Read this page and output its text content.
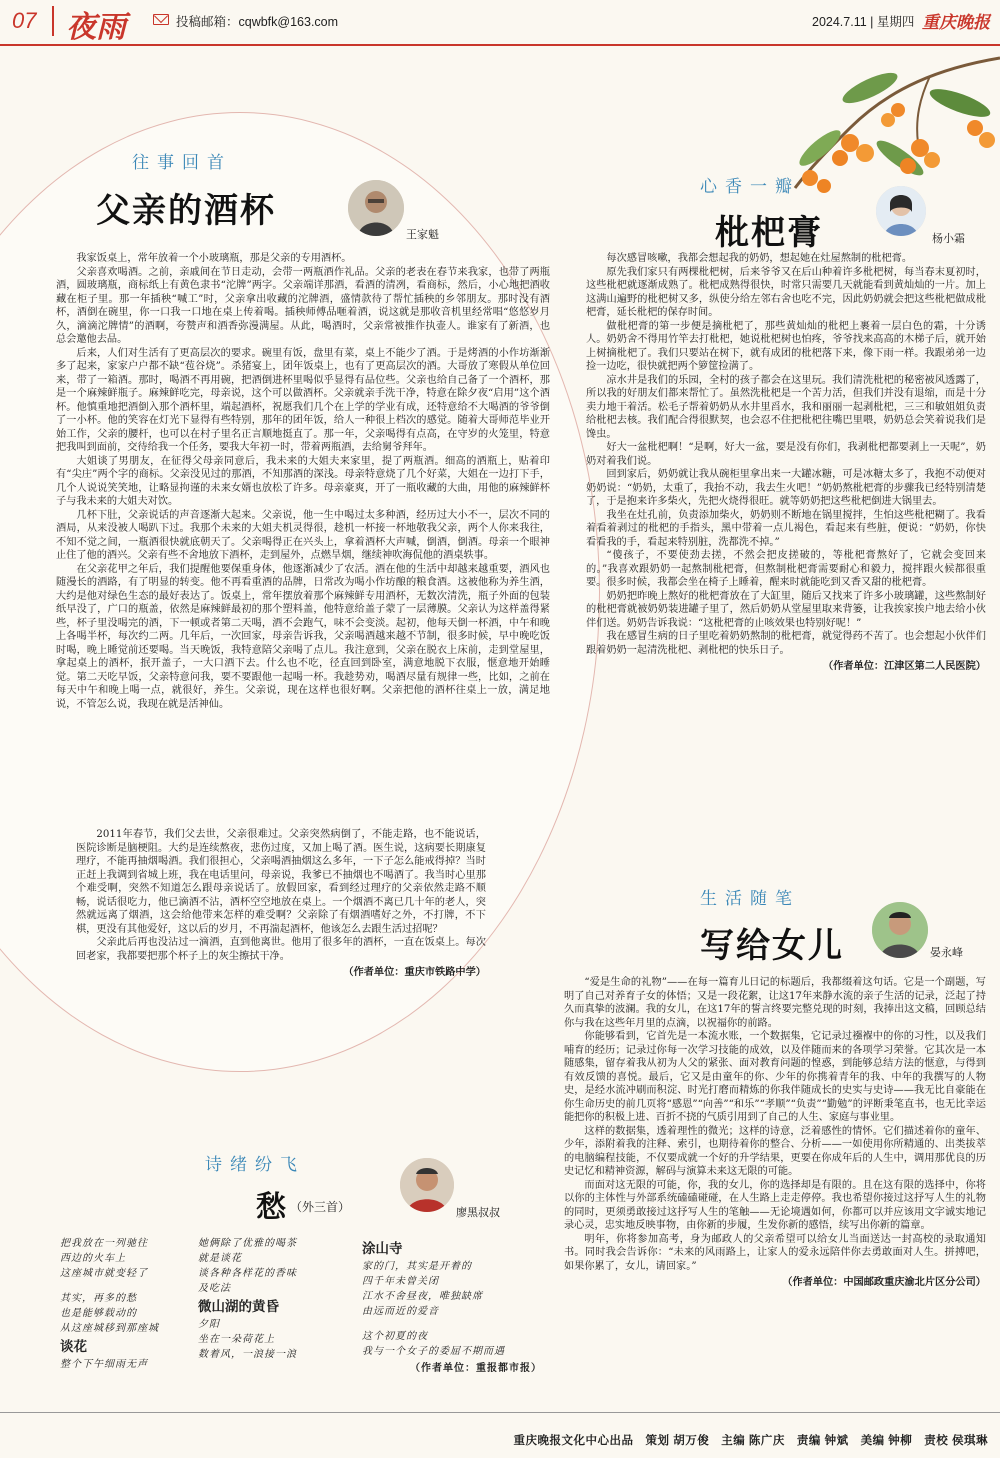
07 夜雨	投稿邮箱：cqwbfk@163.com	2024.7.11 | 星期四 重庆晚报
往事回首
父亲的酒杯
王家魁

我家饭桌上，常年放着一个小玻璃瓶，那是父亲的专用酒杯。

父亲喜欢喝酒。之前，亲戚间在节日走动，会带一两瓶酒作礼品。父亲的老表在春节来我家，也带了两瓶酒，圆玻璃瓶，商标纸上有黄色隶书“沱牌”两字。父亲端详那酒，看酒的清冽，看商标，然后，小心地把酒收藏在柜子里。那一年插秧“喊工”时，父亲拿出收藏的沱牌酒，盛情款待了帮忙插秧的乡邻朋友。那时没有酒杯，酒倒在碗里，你一口我一口地在桌上传着喝。插秧师傅品咂着酒，说这就是那收音机里经常唱“悠悠岁月久，滴滴沱牌情”的酒啊，夸赞声和酒香弥漫满屋。从此，喝酒时，父亲常被推作执壶人。谁家有了新酒，也总会邀他去品。

后来，人们对生活有了更高层次的要求。碗里有饭，盘里有菜，桌上不能少了酒。于是烤酒的小作坊渐渐多了起来，家家户户都不缺“苞谷烧”。杀猪宴上，团年饭桌上，也有了更高层次的酒。大哥放了寒假从单位回来，带了一箱酒。那时，喝酒不再用碗，把酒倒进杯里喝似乎显得有品位些。父亲也给自己备了一个酒杯，那是一个麻辣鲜瓶子。麻辣鲜吃完，母亲说，这个可以做酒杯。父亲就亲手洗干净，特意在除夕夜“启用”这个酒杯。他慎重地把酒倒入那个酒杯里，端起酒杯，祝愿我们几个在上学的学业有成，还特意给不大喝酒的爷爷倒了一小杯。他的笑容在灯光下显得有些特别，那年的团年饭，给人一种很上档次的感觉。随着大哥师范毕业开始工作，父亲的腰杆，也可以在村子里名正言顺地挺直了。那一年，父亲喝得有点高，在守岁的火笼里，特意把我叫到面前，交待给我一个任务，要我大年初一时，带着两瓶酒，去给舅爷拜年。

大姐谈了男朋友，在征得父母亲同意后，我未来的大姐夫来家里，提了两瓶酒。细高的酒瓶上，贴着印有“尖庄”两个字的商标。父亲没见过的那酒，不知那酒的深浅。母亲特意烧了几个好菜，大姐在一边打下手，几个人说说笑笑地，让略显拘谨的未来女婿也放松了许多。母亲豪爽，开了一瓶收藏的大曲，用他的麻辣鲜杯子与我未来的大姐夫对饮。

几杯下肚，父亲说话的声音逐渐大起来。父亲说，他一生中喝过太多种酒，经历过大小不一，层次不同的酒局，从来没被人喝趴下过。我那个未来的大姐夫机灵得很，趁机一杯接一杯地敬我父亲，两个人你来我往，不知不觉之间，一瓶酒很快就底朝天了。父亲喝得正在兴头上，拿着酒杯大声喊，倒酒，倒酒。母亲一个眼神止住了他的酒兴。父亲有些不舍地放下酒杯，走到屋外，点燃旱烟，继续神吹海侃他的酒桌轶事。

在父亲花甲之年后，我们提醒他要保重身体，他逐渐减少了农活。酒在他的生活中却越来越重要，酒风也随漫长的酒路，有了明显的转变。他不再看重酒的品牌，日常改为喝小作坊酿的粮食酒。这被他称为养生酒，大约是他对绿色生态的最好表达了。饭桌上，常年摆放着那个麻辣鲜专用酒杯，无数次清洗，瓶子外面的包装纸早没了，广口的瓶盖，依然是麻辣鲜最初的那个塑料盖，他特意给盖子蒙了一层薄膜。父亲认为这样盖得紧些，杯子里没喝完的酒，下一顿或者第二天喝，酒不会跑气，味不会变淡。起初，他每天倒一杯酒，中午和晚上各喝半杯，每次约二两。几年后，一次回家，母亲告诉我，父亲喝酒越来越不节制，很多时候，早中晚吃饭时喝，晚上睡觉前还要喝。当天晚饭，我特意陪父亲喝了点儿。我注意到，父亲在脱衣上床前，走到堂屋里，拿起桌上的酒杯，抿开盖子，一大口酒下去。什么也不吃，径直回到卧室，满意地脱下衣服，惬意地开始睡觉。第二天吃早饭，父亲特意问我，要不要跟他一起喝一杯。我趁势劝，喝酒尽量有规律一些，比如，之前在每天中午和晚上喝一点，就很好，养生。父亲说，现在这样也很好啊。父亲把他的酒杯往桌上一放，满足地说，不管怎么说，我现在就是活神仙。

2011年春节，我们父去世，父亲很难过。父亲突然病倒了，不能走路，也不能说话，医院诊断是脑梗阻。大约是连续熬夜，悲伤过度，又加上喝了酒。医生说，这病要长期康复理疗，不能再抽烟喝酒。我们很担心，父亲喝酒抽烟这么多年，一下子怎么能戒得掉？当时正赶上我调到省城上班，我在电话里问，母亲说，我爹已不抽烟也不喝酒了。我当时心里那个难受啊，突然不知道怎么跟母亲说话了。放假回家，看到经过理疗的父亲依然走路不顺畅，说话很吃力，他已滴酒不沾，酒杯空空地放在桌上。一个烟酒不离已几十年的老人，突然就远离了烟酒，这会给他带来怎样的难受啊？父亲除了有烟酒嗜好之外，不打牌，不下棋，更没有其他爱好，这以后的岁月，不再湍起酒杯，他该怎么去跟生活过招呢？

父亲此后再也没沾过一滴酒，直到他离世。他用了很多年的酒杯，一直在饭桌上。每次回老家，我都要把那个杯子上的灰尘擦拭干净。

（作者单位：重庆市铁路中学）

心香一瓣
枇杷膏	杨小霜

每次感冒咳嗽，我都会想起我的奶奶，想起她在灶屋熬制的枇杷膏。

原先我们家只有两棵枇杷树，后来爷爷又在后山种着许多枇杷树，每当春末夏初时，这些枇杷就逐渐成熟了。枇杷成熟得很快，时常只需要几天就能看到黄灿灿的一片。加上这满山遍野的枇杷树又多，纵使分给左邻右舍也吃不完，因此奶奶就会把这些枇杷做成枇杷膏，延长枇杷的保存时间。

做枇杷膏的第一步便是摘枇杷了，那些黄灿灿的枇杷上裹着一层白色的霜，十分诱人。奶奶舍不得用竹竿去打枇杷，她说枇杷树也怕疼，爷爷找来高高的木梯子后，就开始上树摘枇杷了。我们只要站在树下，就有成团的枇杷落下来，像下雨一样。我跟弟弟一边捡一边吃，很快就把两个箩筐捡满了。

凉水井是我们的乐园，全村的孩子都会在这里玩。我们清洗枇杷的秘密被风透露了，所以我的好朋友们都来帮忙了。虽然洗枇杷是一个苦力活，但我们并没有退缩，而是十分卖力地干着活。松毛子帮着奶奶从水井里舀水，我和丽丽一起剥枇杷，三三和敏姐姐负责给枇杷去核。我们配合得很默契，也会忍不住把枇杷往嘴巴里喂，奶奶总会笑着说我们是馋虫。

好大一盆枇杷啊！“是啊，好大一盆，要是没有你们，我剥枇杷都要剥上一天呢”，奶奶对着我们说。

回到家后，奶奶就让我从碗柜里拿出来一大罐冰糖，可是冰糖太多了，我抱不动便对奶奶说：“奶奶，太重了，我抬不动，我去生火吧！”奶奶熬枇杷膏的步骤我已经特别清楚了，于是抱来许多柴火，先把火烧得很旺。就等奶奶把这些枇杷倒进大锅里去。

我坐在灶孔前，负责添加柴火，奶奶则不断地在锅里搅拌，生怕这些枇杷糊了。我看着看着剥过的枇杷的手指头，黑中带着一点儿褐色，看起来有些脏，便说：“奶奶，你快看看我的手，看起来特别脏，洗都洗不掉。”

“傻孩子，不要使劲去搓，不然会把皮搓破的，等枇杷膏熬好了，它就会变回来的。”我喜欢跟奶奶一起熬制枇杷膏，但熬制枇杷膏需要耐心和毅力，搅拌跟火候都很重要。很多时候，我都会坐在椅子上睡着，醒来时就能吃到又香又甜的枇杷膏。

奶奶把昨晚上熬好的枇杷膏放在了大缸里，随后又找来了许多小玻璃罐，这些熬制好的枇杷膏就被奶奶装进罐子里了，然后奶奶从堂屋里取来背篓，让我挨家挨户地去给小伙伴们送。奶奶告诉我说：“这枇杷膏的止咳效果也特别好呢！”

我在感冒生病的日子里吃着奶奶熬制的枇杷膏，就觉得药不苦了。也会想起小伙伴们跟着奶奶一起清洗枇杷、剥枇杷的快乐日子。

（作者单位：江津区第二人民医院）

生活随笔
写给女儿	晏永峰

“爱是生命的礼物”——在每一篇育儿日记的标题后，我都缀着这句话。它是一个副题，写明了自己对养育子女的体悟；又是一段花絮，让这17年来静水流的亲子生活的记录，泛起了持久而真挚的波澜。我的女儿，在这17年的誓言终要完整兑现的时刻，我捧出这文稿，回顾总结你与我在这些年月里的点滴，以祝福你的前路。

你能够看到，它首先是一本流水账，一个数据集，它记录过襁褓中的你的习性，以及我们哺育的经历；记录过你每一次学习技能的成效，以及伴随而来的各项学习荣誉。它其次是一本随感集，留存着我从初为人父的紧张、面对教育问题的惶惑，到能够总结方法的惬意，与得到有效反馈的喜悦。最后，它又是由童年的你、少年的你携着青年的我、中年的我撰写的人物史，是经水流冲刷而积淀、时光打磨而精炼的你我伴随成长的史实与史诗——我无比自豪能在你生命历史的前几页将“感恩”“向善”“和乐”“孝顺”“负责”“勤勉”的评断秉笔直书，也无比幸运能把你的积极上进、百折不挠的气质引用到了自己的人生、家庭与事业里。

这样的数据集，透着理性的微光；这样的诗意，泛着感性的情怀。它们描述着你的童年、少年，添附着我的注释、索引，也期待着你的整合、分析——一如使用你所精通的、出类拔萃的电脑编程技能，不仅要成就一个好的升学结果，更要在你成年后的人生中，调用那优良的历史记忆和精神资源，解码与演算未来这无限的可能。

而面对这无限的可能，你，我的女儿，你的选择却是有限的。且在这有限的选择中，你将以你的主体性与外部系统磕磕碰碰，在人生路上走走停停。我也希望你接过这抒写人生的礼物的同时，更须勇敢接过这抒写人生的笔触——无论境遇如何，你都可以并应该用文字诚实地记录心灵，忠实地反映事物，由你新的步履，生发你新的感悟，续写出你新的篇章。

明年，你将参加高考，身为邮政人的父亲希望可以给女儿当面送达一封高校的录取通知书。同时我会告诉你：“未来的风雨路上，让家人的爱永远陪伴你去勇敢面对人生。拼搏吧，如果你累了，女儿，请回家。”

（作者单位：中国邮政重庆渝北片区分公司）

诗绪纷飞
愁 （外三首）	廖黑叔叔
把我放在一列驰往
西边的火车上
这座城市就变轻了
其实，再多的愁
也是能够载动的
从这座城移到那座城
谈花
整个下午细雨无声
她俩除了优雅的喝茶
就是谈花
谈各种各样花的香味
及吃法
微山湖的黄昏
夕阳
坐在一朵荷花上
数着风，一浪接一浪
涂山寺
家的门，其实是开着的
四千年未曾关闭
江水不舍昼夜，唯独缺席
由远而近的爱音
这个初夏的夜
我与一个女子的委屈不期而遇
（作者单位：重报都市报）
重庆晚报文化中心出品　策划 胡万俊　主编 陈广庆　责编 钟斌　美编 钟柳　责校 侯琪琳
